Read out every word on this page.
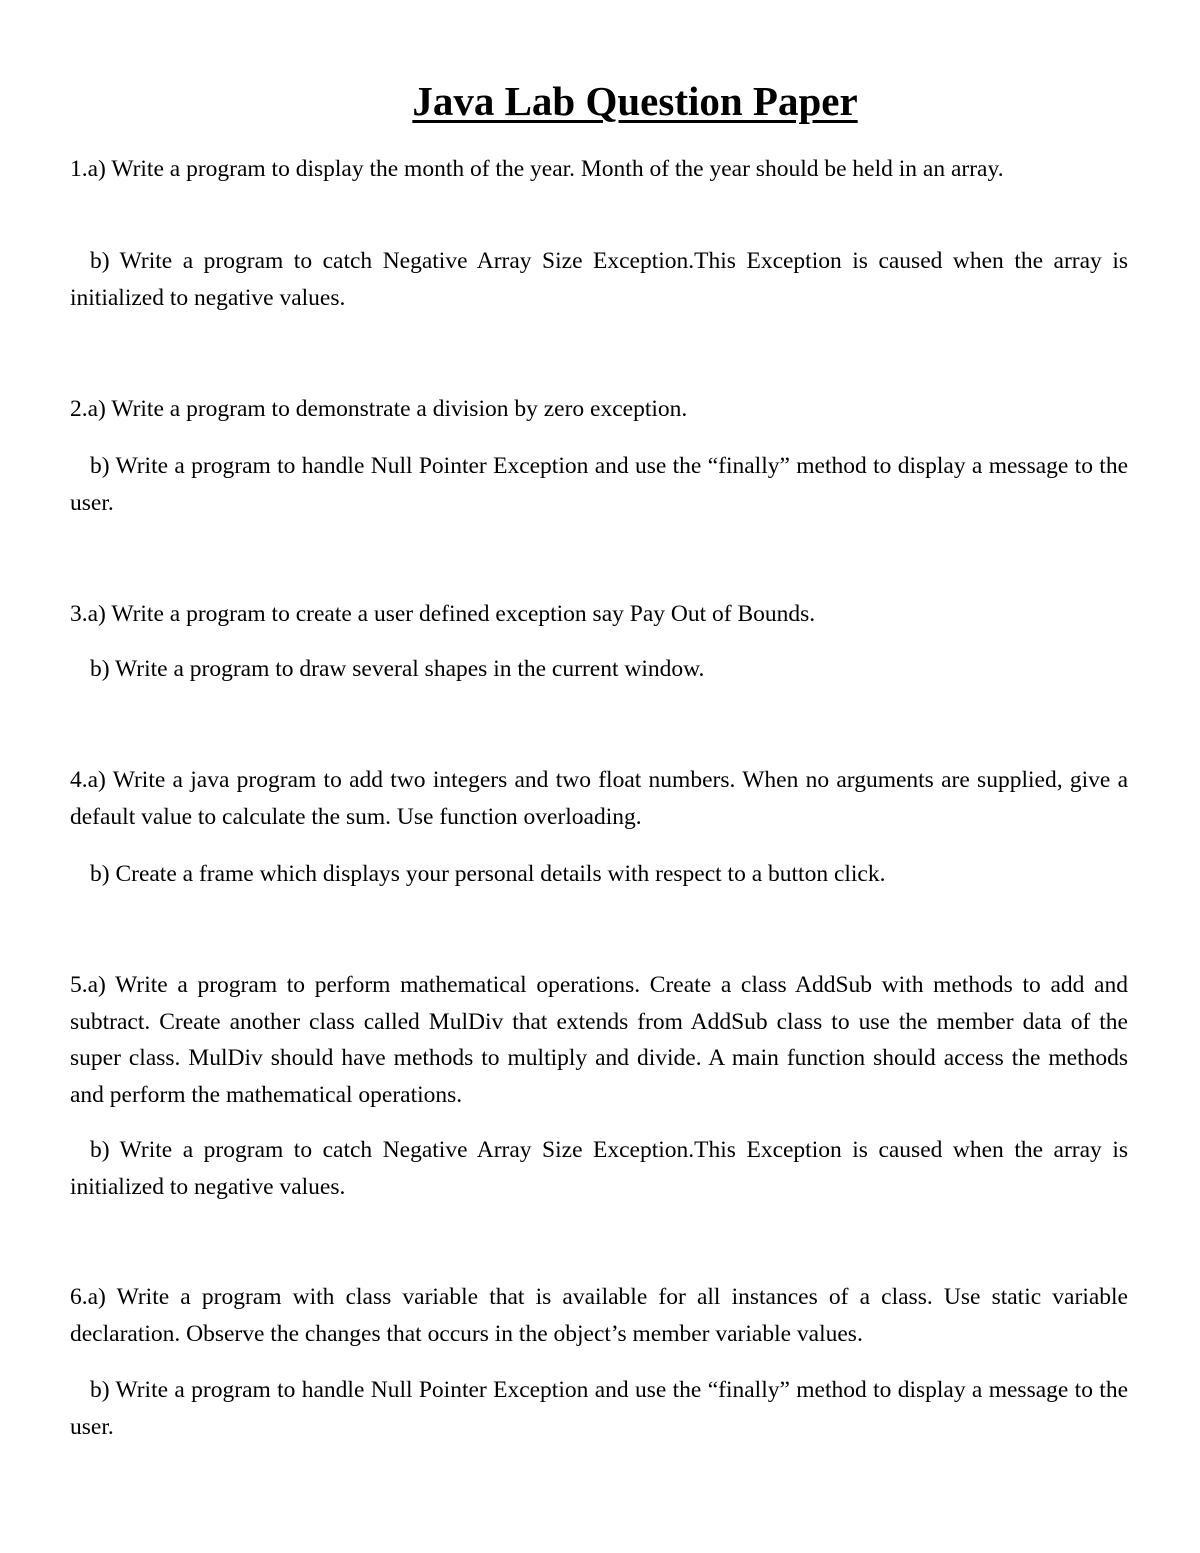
Java Lab Question Paper

1.a) Write a program to display the month of the year. Month of the year should be held in an array.

b) Write a program to catch Negative Array Size Exception.This Exception is caused when the array is initialized to negative values.

2.a) Write a program to demonstrate a division by zero exception.

b) Write a program to handle Null Pointer Exception and use the “finally” method to display a message to the user.

3.a) Write a program to create a user defined exception say Pay Out of Bounds.

b) Write a program to draw several shapes in the current window.

4.a) Write a java program to add two integers and two float numbers. When no arguments are supplied, give a default value to calculate the sum. Use function overloading.

b) Create a frame which displays your personal details with respect to a button click.

5.a) Write a program to perform mathematical operations. Create a class AddSub with methods to add and subtract. Create another class called MulDiv that extends from AddSub class to use the member data of the super class. MulDiv should have methods to multiply and divide. A main function should access the methods and perform the mathematical operations.

b) Write a program to catch Negative Array Size Exception.This Exception is caused when the array is initialized to negative values.

6.a) Write a program with class variable that is available for all instances of a class. Use static variable declaration. Observe the changes that occurs in the object’s member variable values.

b) Write a program to handle Null Pointer Exception and use the “finally” method to display a message to the user.
